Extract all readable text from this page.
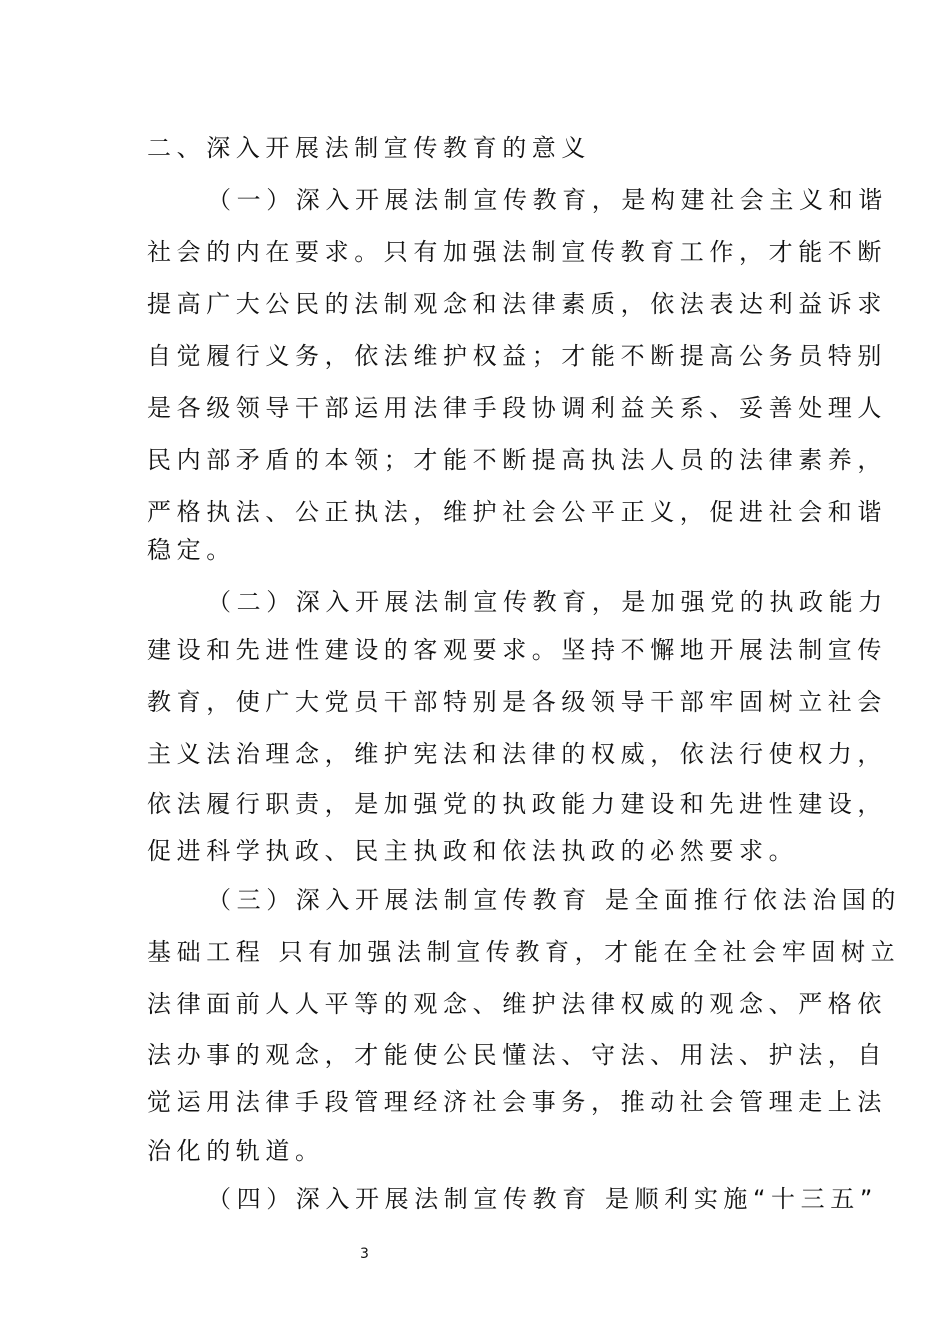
二、深入开展法制宣传教育的意义
（一）深入开展法制宣传教育，是构建社会主义和谐
社会的内在要求。只有加强法制宣传教育工作，才能不断
提高广大公民的法制观念和法律素质，依法表达利益诉求
自觉履行义务，依法维护权益；才能不断提高公务员特别
是各级领导干部运用法律手段协调利益关系、妥善处理人
民内部矛盾的本领；才能不断提高执法人员的法律素养，
严格执法、公正执法，维护社会公平正义，促进社会和谐
稳定。
（二）深入开展法制宣传教育，是加强党的执政能力
建设和先进性建设的客观要求。坚持不懈地开展法制宣传
教育，使广大党员干部特别是各级领导干部牢固树立社会
主义法治理念，维护宪法和法律的权威，依法行使权力，
依法履行职责，是加强党的执政能力建设和先进性建设，
促进科学执政、民主执政和依法执政的必然要求。
（三）深入开展法制宣传教育 是全面推行依法治国的
基础工程 只有加强法制宣传教育，才能在全社会牢固树立
法律面前人人平等的观念、维护法律权威的观念、严格依
法办事的观念，才能使公民懂法、守法、用法、护法，自
觉运用法律手段管理经济社会事务，推动社会管理走上法
治化的轨道。
（四）深入开展法制宣传教育 是顺利实施“十三五”
3
